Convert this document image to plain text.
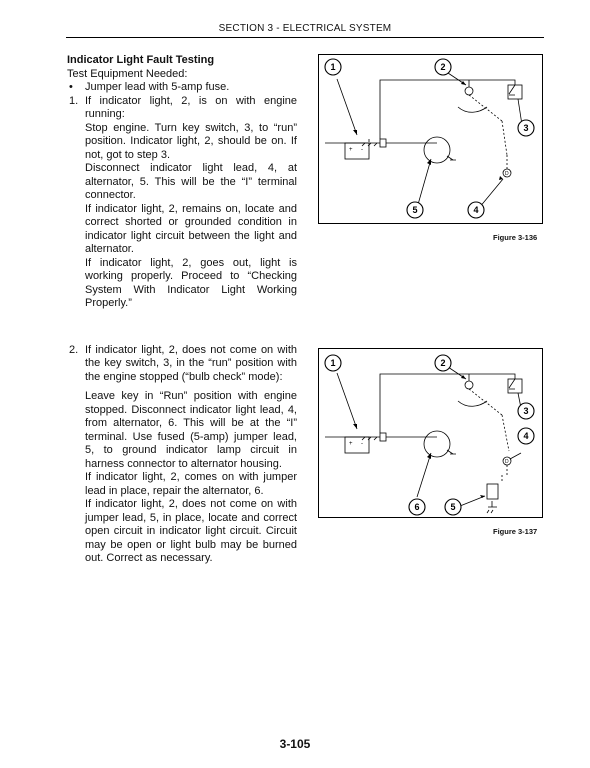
SECTION 3 - ELECTRICAL SYSTEM

Indicator Light Fault Testing

Test Equipment Needed:

• Jumper lead with 5-amp fuse.

1. If indicator light, 2, is on with engine running:

Stop engine. Turn key switch, 3, to “run” position. Indicator light, 2, should be on. If not, got to step 3.

Disconnect indicator light lead, 4, at alternator, 5. This will be the “I” terminal connector.

If indicator light, 2, remains on, locate and correct shorted or grounded condition in indicator light circuit between the light and alternator.

If indicator light, 2, goes out, light is working properly. Proceed to “Checking System With Indicator Light Working Properly.”

2. If indicator light, 2, does not come on with the key switch, 3, in the “run” position with the engine stopped (“bulb check” mode):

Leave key in “Run” position with engine stopped. Disconnect indicator light lead, 4, from alternator, 6. This will be at the “I” terminal. Use fused (5-amp) jumper lead, 5, to ground indicator lamp circuit in harness connector to alternator housing.

If indicator light, 2, comes on with jumper lead in place, repair the alternator, 6.

If indicator light, 2, does not come on with jumper lead, 5, in place, locate and correct open circuit in indicator light circuit. Circuit may be open or light bulb may be burned out. Correct as necessary.

1	2
3
4
5
+ -
D
Figure 3-136
1	2
3
4
5
6
+ -
D
Figure 3-137
3-105
